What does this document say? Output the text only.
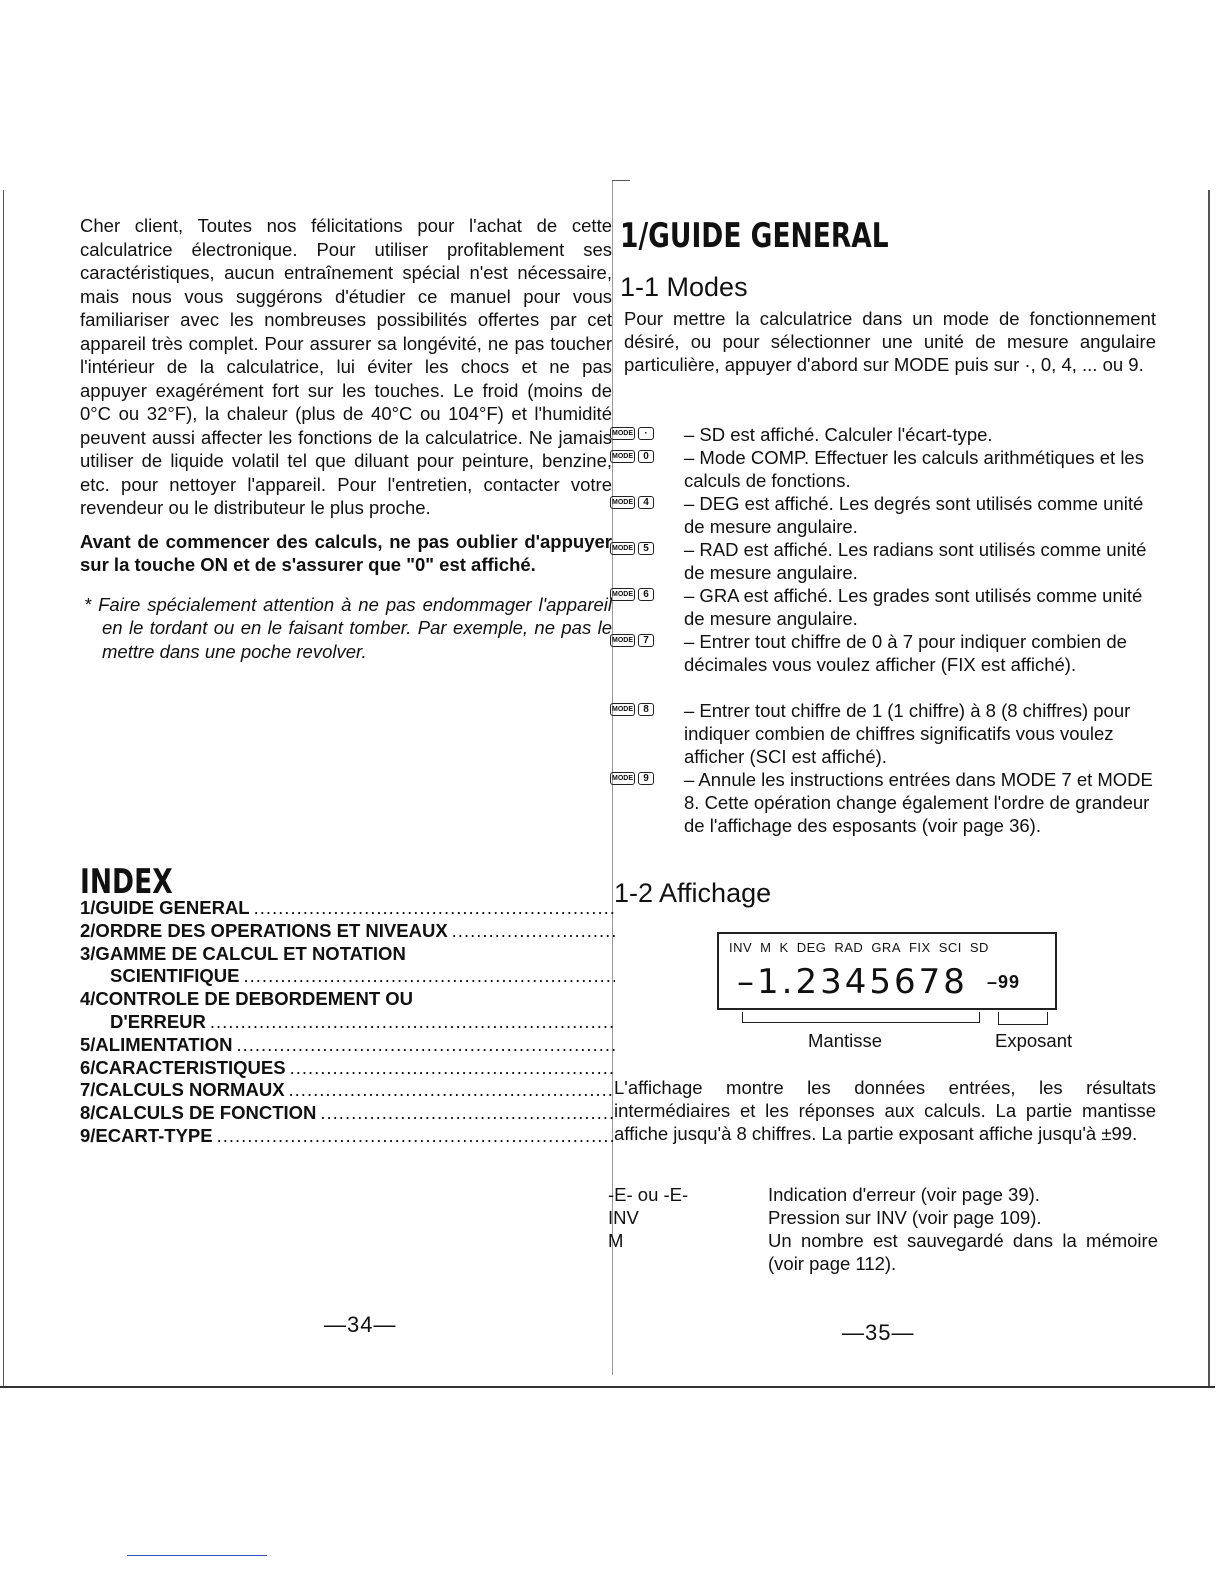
Cher client, Toutes nos félicitations pour l'achat de cette calculatrice électronique. Pour utiliser profitablement ses caractéristiques, aucun entraînement spécial n'est nécessaire, mais nous vous suggérons d'étudier ce manuel pour vous familiariser avec les nombreuses possibilités offertes par cet appareil très complet. Pour assurer sa longévité, ne pas toucher l'intérieur de la calculatrice, lui éviter les chocs et ne pas appuyer exagérément fort sur les touches. Le froid (moins de 0°C ou 32°F), la chaleur (plus de 40°C ou 104°F) et l'humidité peuvent aussi affecter les fonctions de la calculatrice. Ne jamais utiliser de liquide volatil tel que diluant pour peinture, benzine, etc. pour nettoyer l'appareil. Pour l'entretien, contacter votre revendeur ou le distributeur le plus proche.

Avant de commencer des calculs, ne pas oublier d'appuyer sur la touche ON et de s'assurer que "0" est affiché.

* Faire spécialement attention à ne pas endommager l'appareil en le tordant ou en le faisant tomber. Par exemple, ne pas le mettre dans une poche revolver.

INDEX
1/GUIDE GENERAL
.....
2/ORDRE DES OPERATIONS ET NIVEAUX
.....
3/GAMME DE CALCUL ET NOTATION
SCIENTIFIQUE
.....
4/CONTROLE DE DEBORDEMENT OU
D'ERREUR
.....
5/ALIMENTATION
.....
6/CARACTERISTIQUES
.....
7/CALCULS NORMAUX
.....
8/CALCULS DE FONCTION
.....
9/ECART-TYPE
.....
—34—
1/GUIDE GENERAL
1-1 Modes
Pour mettre la calculatrice dans un mode de fonctionnement désiré, ou pour sélectionner une unité de mesure angulaire particulière, appuyer d'abord sur MODE puis sur ·, 0, 4, ... ou 9.
MODE	·	– SD est affiché. Calculer l'écart-type.
MODE	0 – Mode COMP. Effectuer les calculs arithmétiques et les calculs de fonctions.
MODE	4 – DEG est affiché. Les degrés sont utilisés comme unité de mesure angulaire.
MODE	5 – RAD est affiché. Les radians sont utilisés comme unité de mesure angulaire.
MODE	6 – GRA est affiché. Les grades sont utilisés comme unité de mesure angulaire.
MODE	7 – Entrer tout chiffre de 0 à 7 pour indiquer combien de décimales vous voulez afficher (FIX est affiché).
MODE	8 – Entrer tout chiffre de 1 (1 chiffre) à 8 (8 chiffres) pour indiquer combien de chiffres significatifs vous voulez afficher (SCI est affiché).
MODE	9 – Annule les instructions entrées dans MODE 7 et MODE 8. Cette opération change également l'ordre de grandeur de l'affichage des esposants (voir page 36).
1-2 Affichage
INV M K DEG RAD GRA FIX SCI SD
–1.2345678 –99
Mantisse	Exposant
L'affichage montre les données entrées, les résultats intermédiaires et les réponses aux calculs. La partie mantisse affiche jusqu'à 8 chiffres. La partie exposant affiche jusqu'à ±99.
-E- ou -E-	Indication d'erreur (voir page 39).
INV	Pression sur INV (voir page 109).
M	Un nombre est sauvegardé dans la mémoire (voir page 112).
—35—
